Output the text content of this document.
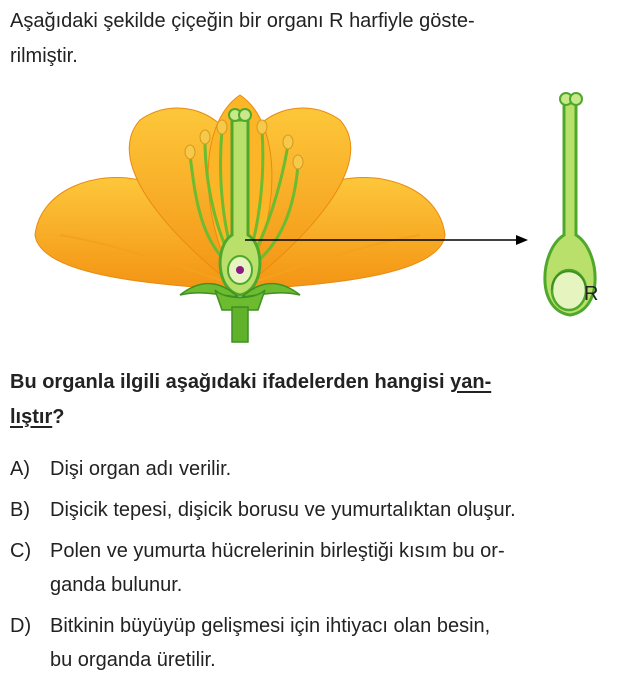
Aşağıdaki şekilde çiçeğin bir organı R harfiyle göste-
rilmiştir.

R

Bu organla ilgili aşağıdaki ifadelerden hangisi yan-
lıştır?

A)	Dişi organ adı verilir.
B)	Dişicik tepesi, dişicik borusu ve yumurtalıktan oluşur.
C) Polen ve yumurta hücrelerinin birleştiği kısım bu or-
ganda bulunur.
D) Bitkinin büyüyüp gelişmesi için ihtiyacı olan besin,
bu organda üretilir.
